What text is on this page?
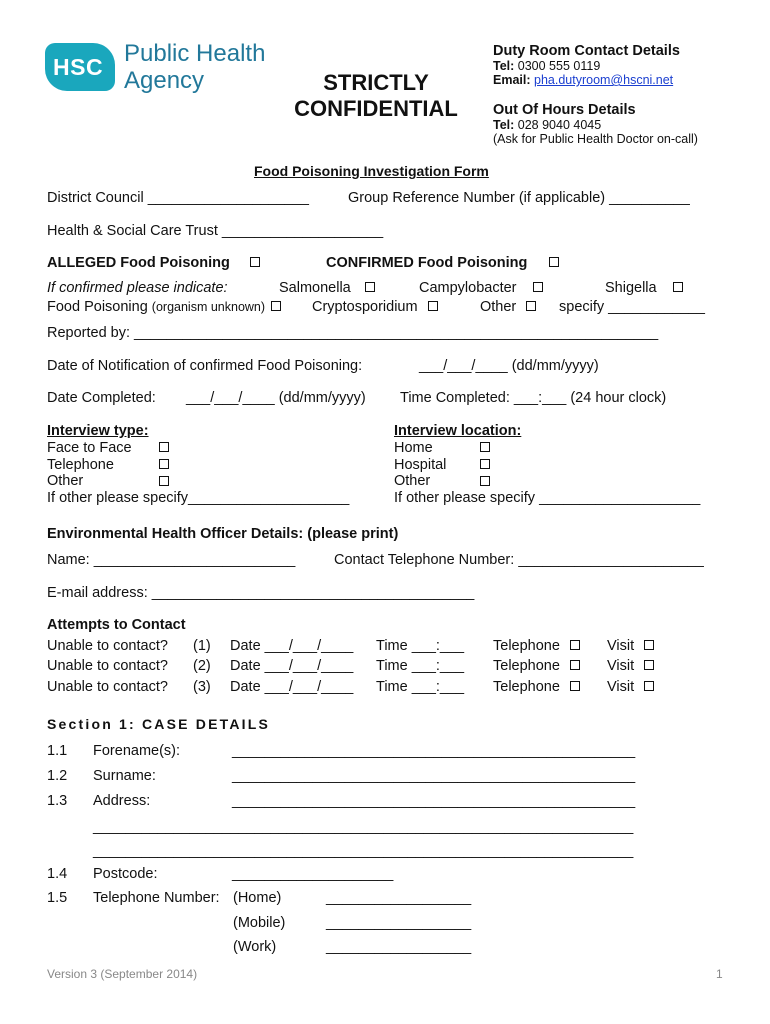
HSC Public Health
Agency	STRICTLY
CONFIDENTIAL
Duty Room Contact Details
Tel: 0300 555 0119
Email: pha.dutyroom@hscni.net
Out Of Hours Details
Tel: 028 9040 4045
(Ask for Public Health Doctor on-call)
Food Poisoning Investigation Form
District Council ____________________	Group Reference Number (if applicable) __________
Health & Social Care Trust ____________________
ALLEGED Food Poisoning	CONFIRMED Food Poisoning
If confirmed please indicate:	Salmonella	Campylobacter	Shigella
Food Poisoning (organism unknown)	Cryptosporidium	Other	specify ____________
Reported by: _________________________________________________________________
Date of Notification of confirmed Food Poisoning:	___/___/____ (dd/mm/yyyy)
Date Completed: ___/___/____ (dd/mm/yyyy) Time Completed: ___:___ (24 hour clock)
Interview type:
Face to Face
Telephone
Other
If other please specify____________________
Interview location:
Home
Hospital
Other
If other please specify ____________________
Environmental Health Officer Details: (please print)
Name: _________________________	Contact Telephone Number: _______________________
E-mail address: ________________________________________
Attempts to Contact
Unable to contact? (1) Date ___/___/____ Time ___:___ Telephone	Visit
Unable to contact? (2) Date ___/___/____ Time ___:___ Telephone	Visit
Unable to contact? (3) Date ___/___/____ Time ___:___ Telephone	Visit
Section 1: CASE DETAILS
1.1 Forename(s):	__________________________________________________
1.2 Surname:	__________________________________________________
1.3 Address:	__________________________________________________
___________________________________________________________________
___________________________________________________________________
1.4 Postcode:	____________________
1.5 Telephone Number: (Home)	__________________
(Mobile)	__________________
(Work)	__________________
Version 3 (September 2014)	1
